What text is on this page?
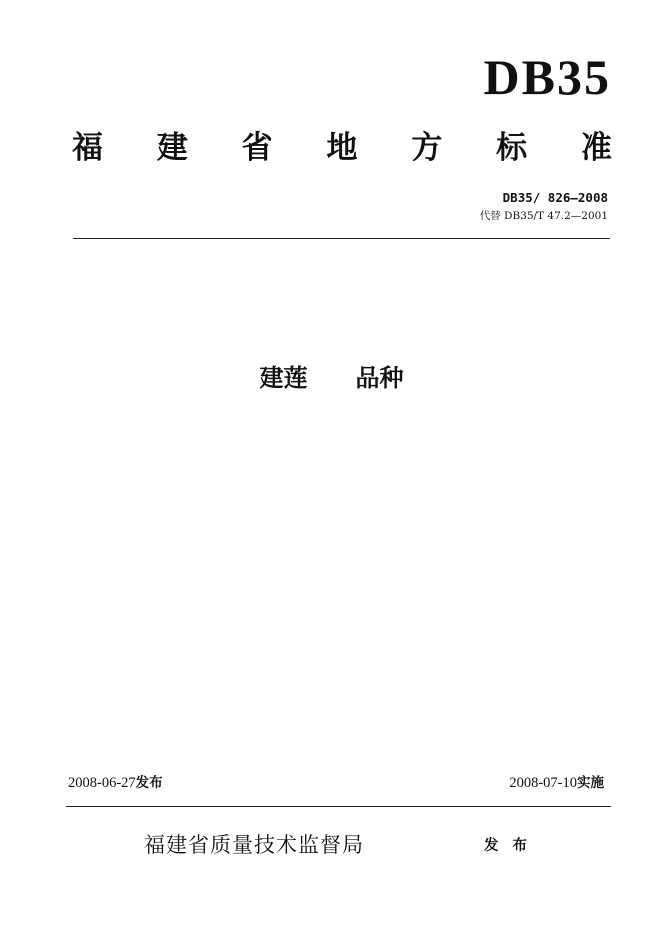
DB35
福 建 省 地 方 标 准
DB35/ 826—2008
代替 DB35/T 47.2—2001
建莲 品种
2008-06-27发布	2008-07-10实施
福建省质量技术监督局	发布
